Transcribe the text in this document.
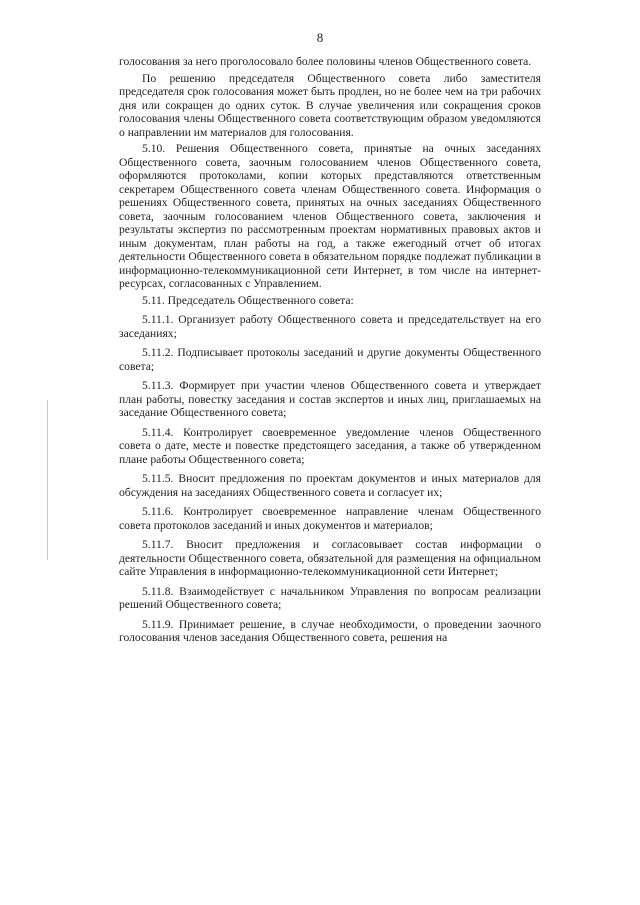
8

голосования за него проголосовало более половины членов Общественного совета.

По решению председателя Общественного совета либо заместителя председателя срок голосования может быть продлен, но не более чем на три рабочих дня или сокращен до одних суток. В случае увеличения или сокращения сроков голосования члены Общественного совета соответствующим образом уведомляются о направлении им материалов для голосования.

5.10. Решения Общественного совета, принятые на очных заседаниях Общественного совета, заочным голосованием членов Общественного совета, оформляются протоколами, копии которых представляются ответственным секретарем Общественного совета членам Общественного совета. Информация о решениях Общественного совета, принятых на очных заседаниях Общественного совета, заочным голосованием членов Общественного совета, заключения и результаты экспертиз по рассмотренным проектам нормативных правовых актов и иным документам, план работы на год, а также ежегодный отчет об итогах деятельности Общественного совета в обязательном порядке подлежат публикации в информационно-телекоммуникационной сети Интернет, в том числе на интернет-ресурсах, согласованных с Управлением.

5.11. Председатель Общественного совета:

5.11.1. Организует работу Общественного совета и председательствует на его заседаниях;

5.11.2. Подписывает протоколы заседаний и другие документы Общественного совета;

5.11.3. Формирует при участии членов Общественного совета и утверждает план работы, повестку заседания и состав экспертов и иных лиц, приглашаемых на заседание Общественного совета;

5.11.4. Контролирует своевременное уведомление членов Общественного совета о дате, месте и повестке предстоящего заседания, а также об утвержденном плане работы Общественного совета;

5.11.5. Вносит предложения по проектам документов и иных материалов для обсуждения на заседаниях Общественного совета и согласует их;

5.11.6. Контролирует своевременное направление членам Общественного совета протоколов заседаний и иных документов и материалов;

5.11.7. Вносит предложения и согласовывает состав информации о деятельности Общественного совета, обязательной для размещения на официальном сайте Управления в информационно-телекоммуникационной сети Интернет;

5.11.8. Взаимодействует с начальником Управления по вопросам реализации решений Общественного совета;

5.11.9. Принимает решение, в случае необходимости, о проведении заочного голосования членов заседания Общественного совета, решения на
